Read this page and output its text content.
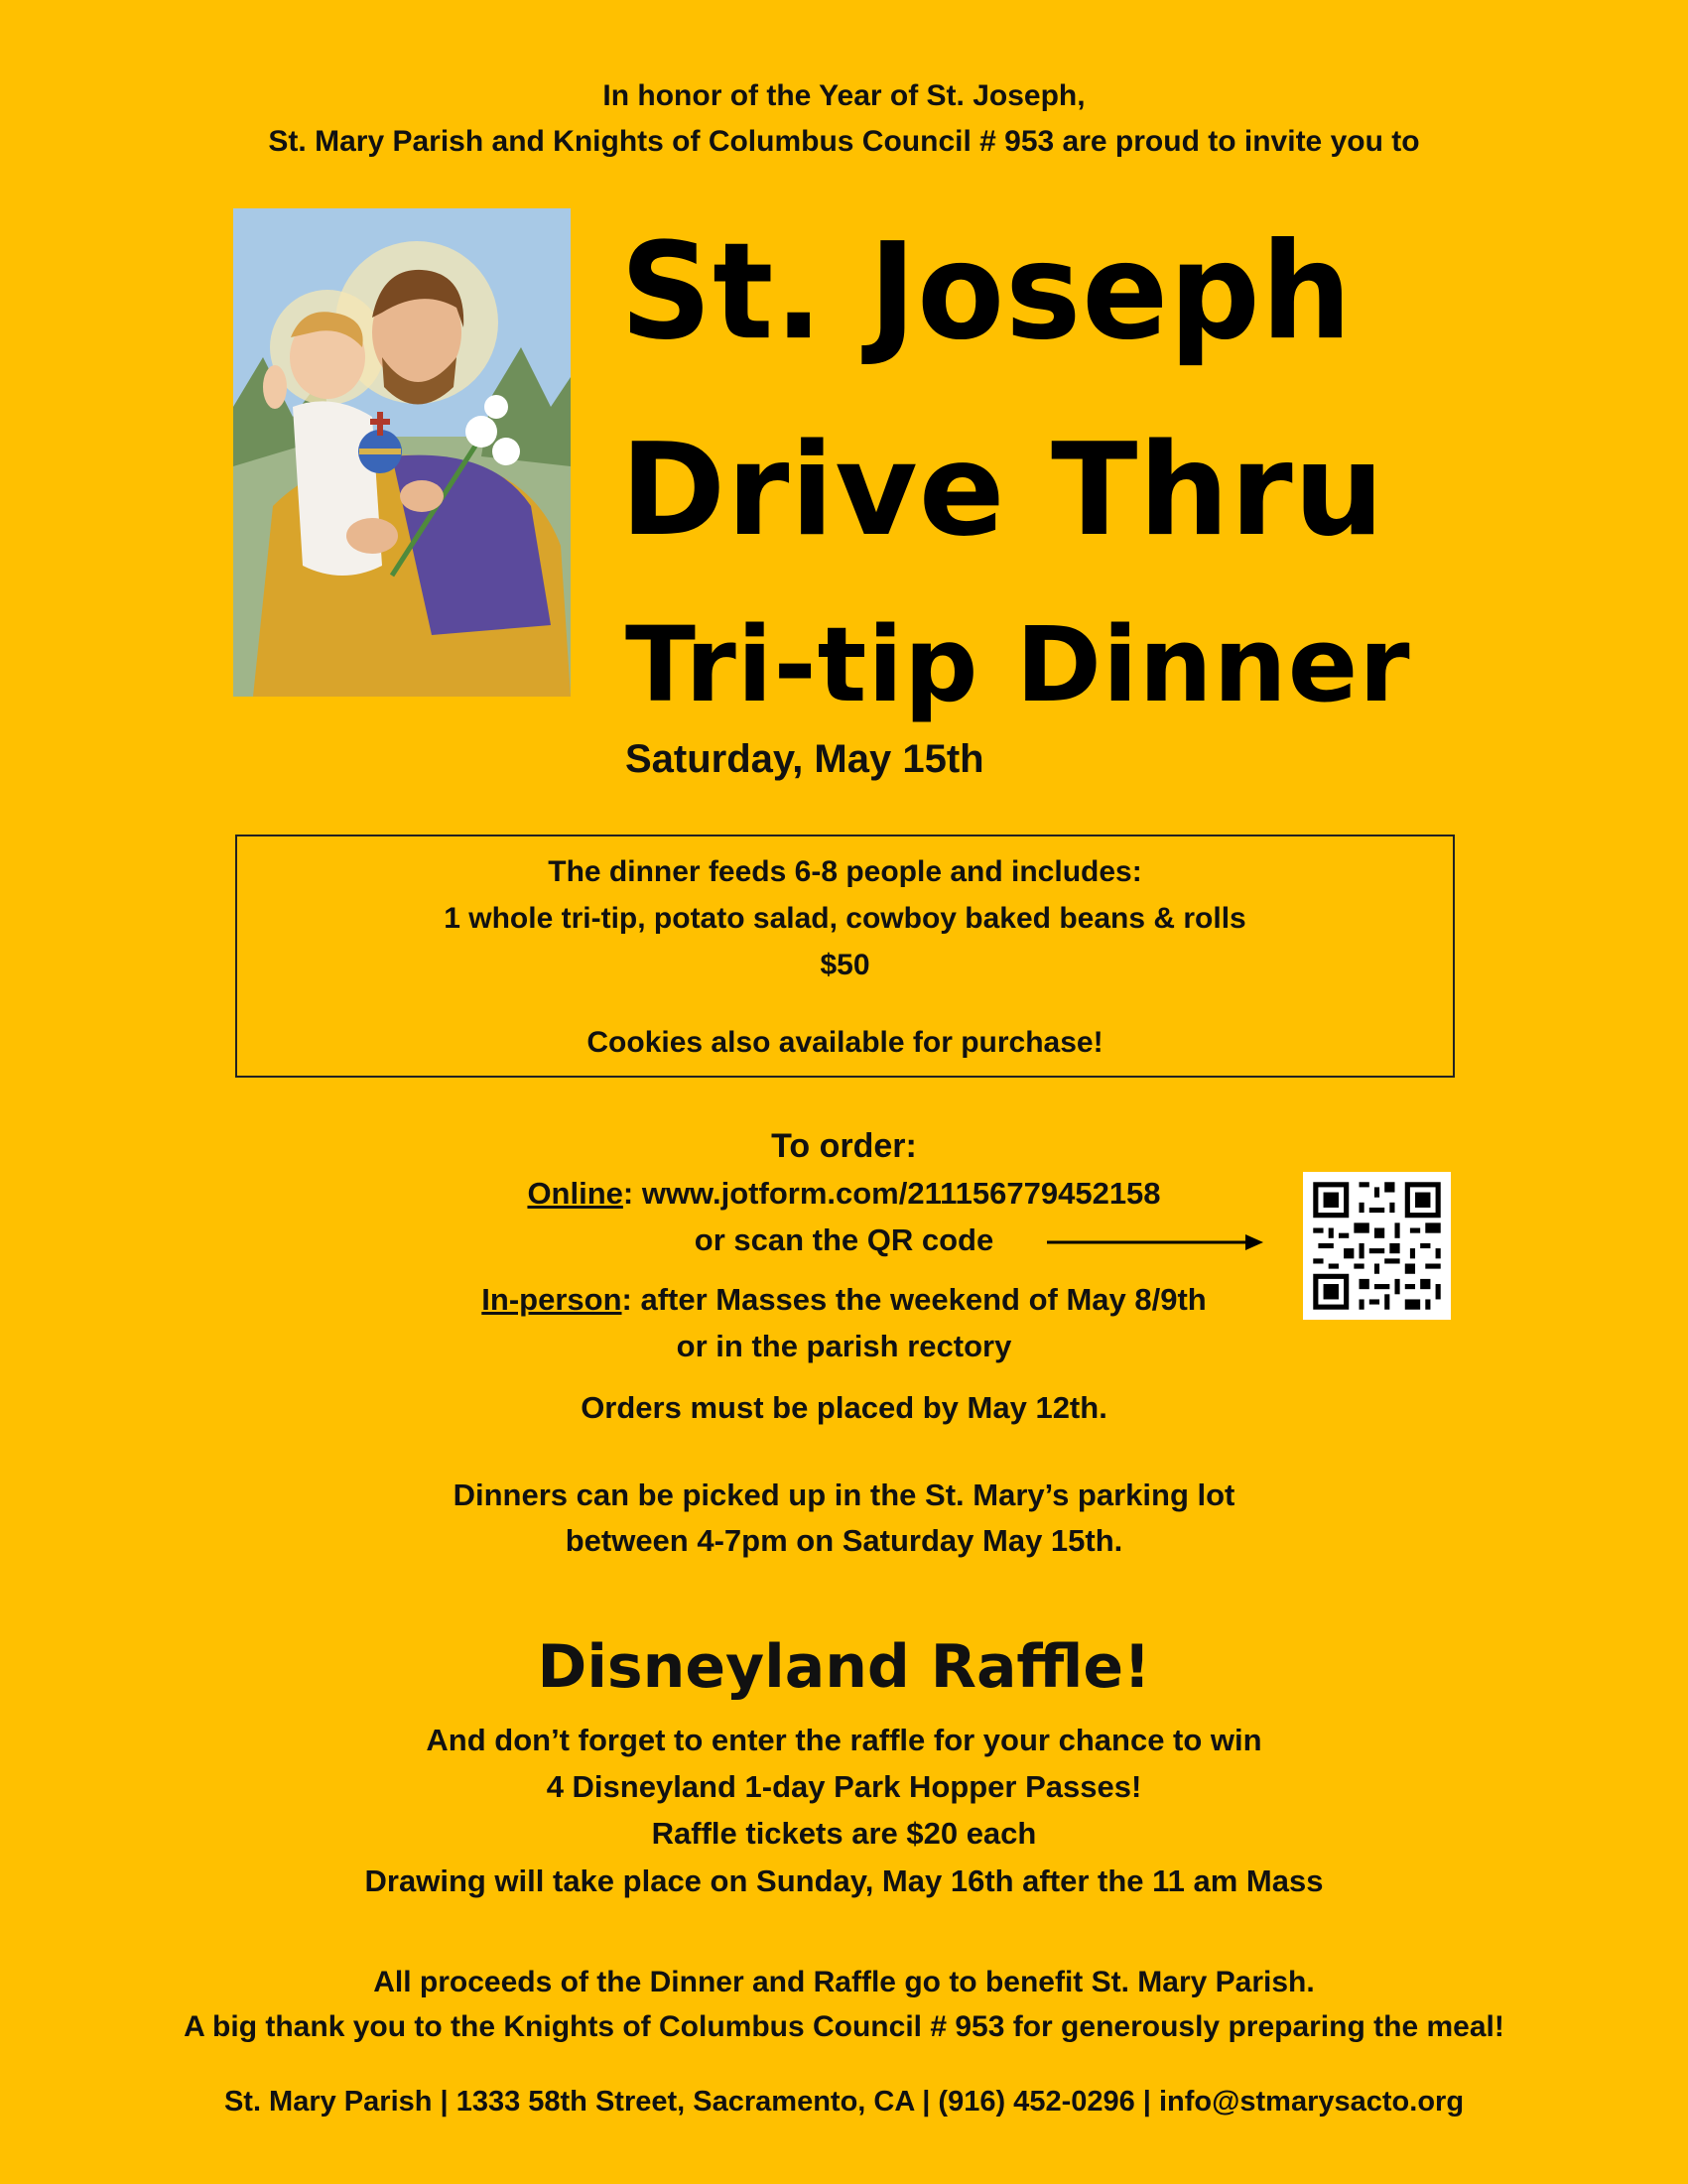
In honor of the Year of St. Joseph,
St. Mary Parish and Knights of Columbus Council # 953 are proud to invite you to
St. Joseph
Drive Thru
Tri-tip Dinner
Saturday, May 15th
The dinner feeds 6-8 people and includes:
1 whole tri-tip, potato salad, cowboy baked beans & rolls
$50
Cookies also available for purchase!
To order:
Online: www.jotform.com/211156779452158
or scan the QR code
In-person: after Masses the weekend of May 8/9th
or in the parish rectory
Orders must be placed by May 12th.
Dinners can be picked up in the St. Mary’s parking lot
between 4-7pm on Saturday May 15th.
Disneyland Raffle!
And don’t forget to enter the raffle for your chance to win
4 Disneyland 1-day Park Hopper Passes!
Raffle tickets are $20 each
Drawing will take place on Sunday, May 16th after the 11 am Mass
All proceeds of the Dinner and Raffle go to benefit St. Mary Parish.
A big thank you to the Knights of Columbus Council # 953 for generously preparing the meal!
St. Mary Parish | 1333 58th Street, Sacramento, CA | (916) 452-0296 | info@stmarysacto.org
